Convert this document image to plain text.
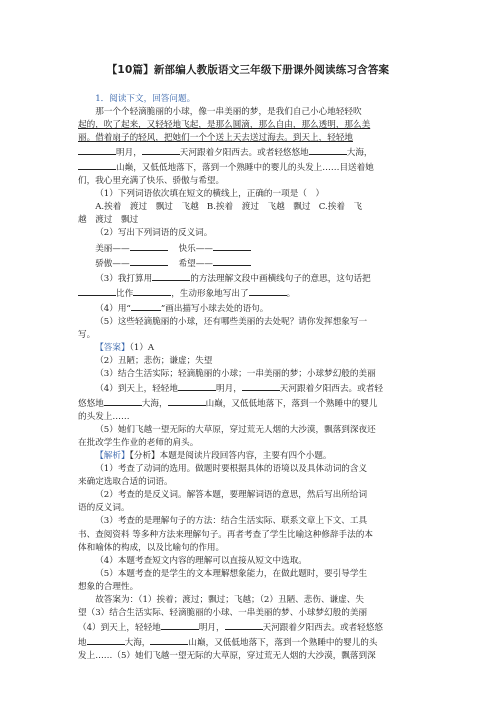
【10篇】新部编人教版语文三年级下册课外阅读练习含答案

1．阅读下文，回答问题。

那一个个轻滴脆丽的小球，像一串美丽的梦，是我们自己小心地轻轻吹

起的，吹了起来，又轻轻地飞起，是那么圆滴，那么自由，那么透明，那么美

丽。借着扇子的轻风，把她们一个个送上天去送过海去。到天上，轻轻地

明月，	天河跟着夕阳西去。或者轻悠悠地	大海，

山巅，又低低地落下，落到一个熟睡中的婴儿的头发上……目送着她

们，我心里充满了快乐、骄傲与希望。

（1）下列词语依次填在短文的横线上，正确的一项是（　）

A.挨着　渡过　飘过　飞越 B.挨着　渡过　飞越　飘过 C.挨着　飞

越　渡过　飘过

（2）写出下列词语的反义词。

美丽——	快乐——

骄傲——	希望——

（3）我打算用	的方法理解文段中画横线句子的意思，这句话把

比作	，生动形象地写出了	。

（4）用“	”画出描写小球去处的语句。

（5）这些轻滴脆丽的小球，还有哪些美丽的去处呢？请你发挥想象写一

写。

【答案】（1）A

（2）丑陋；悲伤；谦虚；失望

（3）结合生活实际；轻滴脆丽的小球；一串美丽的梦；小球梦幻般的美丽

（4）到天上，轻轻地	明月，	天河跟着夕阳西去。或者轻

悠悠地	大海，	山巅，又低低地落下，落到一个熟睡中的婴儿

的头发上……

（5）她们飞越一望无际的大草原，穿过荒无人烟的大沙漠，飘落到深夜还

在批改学生作业的老师的肩头。

【解析】【分析】本题是阅读片段回答内容，主要有四个小题。

（1）考查了动词的选用。做题时要根据具体的语境以及具体动词的含义

来确定选取合适的词语。

（2）考查的是反义词。解答本题，要理解词语的意思，然后写出所给词

语的反义词。

（3）考查的是理解句子的方法：结合生活实际、联系文章上下文、工具

书、查阅资料 等多种方法来理解句子。再者考查了学生比喻这种修辞手法的本

体和喻体的构成，以及比喻句的作用。

（4）本题考查短文内容的理解可以直接从短文中选取。

（5）本题考查的是学生的文本理解想象能力，在做此题时，要引导学生

想象的合理性。

故答案为：（1）挨着；渡过；飘过；飞越；（2）丑陋、悲伤、谦虚、失

望（3）结合生活实际、轻滴脆丽的小球、一串美丽的梦、小球梦幻般的美丽

（4）到天上，轻轻地	明月，	天河跟着夕阳西去。或者轻悠悠

地	大海，	山巅，又低低地落下，落到一个熟睡中的婴儿的头

发上……（5）她们飞越一望无际的大草原，穿过荒无人烟的大沙漠，飘落到深
